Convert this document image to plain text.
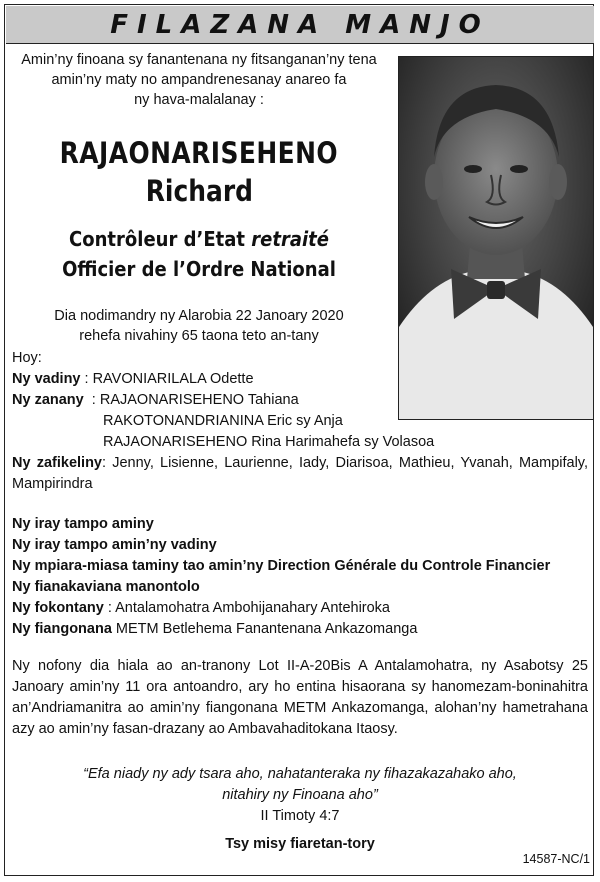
FILAZANA MANJO
Amin’ny finoana sy fanantenana ny fitsanganan’ny tena
amin’ny maty no ampandrenesanay anareo fa
ny hava-malalanay :
RAJAONARISEHENO
Richard
Contrôleur d’Etat retraité
Officier de l’Ordre National
Dia nodimandry ny Alarobia 22 Janoary 2020
rehefa nivahiny 65 taona teto an-tany
Hoy:
Ny vadiny : RAVONIARILALA Odette
Ny zanany : RAJAONARISEHENO Tahiana
RAKOTONANDRIANINA Eric sy Anja
RAJAONARISEHENO Rina Harimahefa sy Volasoa
Ny zafikeliny: Jenny, Lisienne, Laurienne, Iady, Diarisoa, Mathieu, Yvanah, Mampifaly, Mampirindra
Ny iray tampo aminy
Ny iray tampo amin’ny vadiny
Ny mpiara-miasa taminy tao amin’ny Direction Générale du Controle Financier
Ny fianakaviana manontolo
Ny fokontany : Antalamohatra Ambohijanahary Antehiroka
Ny fiangonana METM Betlehema Fanantenana Ankazomanga
Ny nofony dia hiala ao an-tranony Lot II-A-20Bis A Antalamohatra, ny Asabotsy 25 Janoary amin’ny 11 ora antoandro, ary ho entina hisaorana sy hanomezam-boninahitra an’Andriamanitra ao amin’ny fiangonana METM Ankazomanga, alohan’ny hametrahana azy ao amin’ny fasan-drazany ao Ambavahaditokana Itaosy.
“Efa niady ny ady tsara aho, nahatanteraka ny fihazakazahako aho,
nitahiry ny Finoana aho”
II Timoty 4:7
Tsy misy fiaretan-tory
14587-NC/1
